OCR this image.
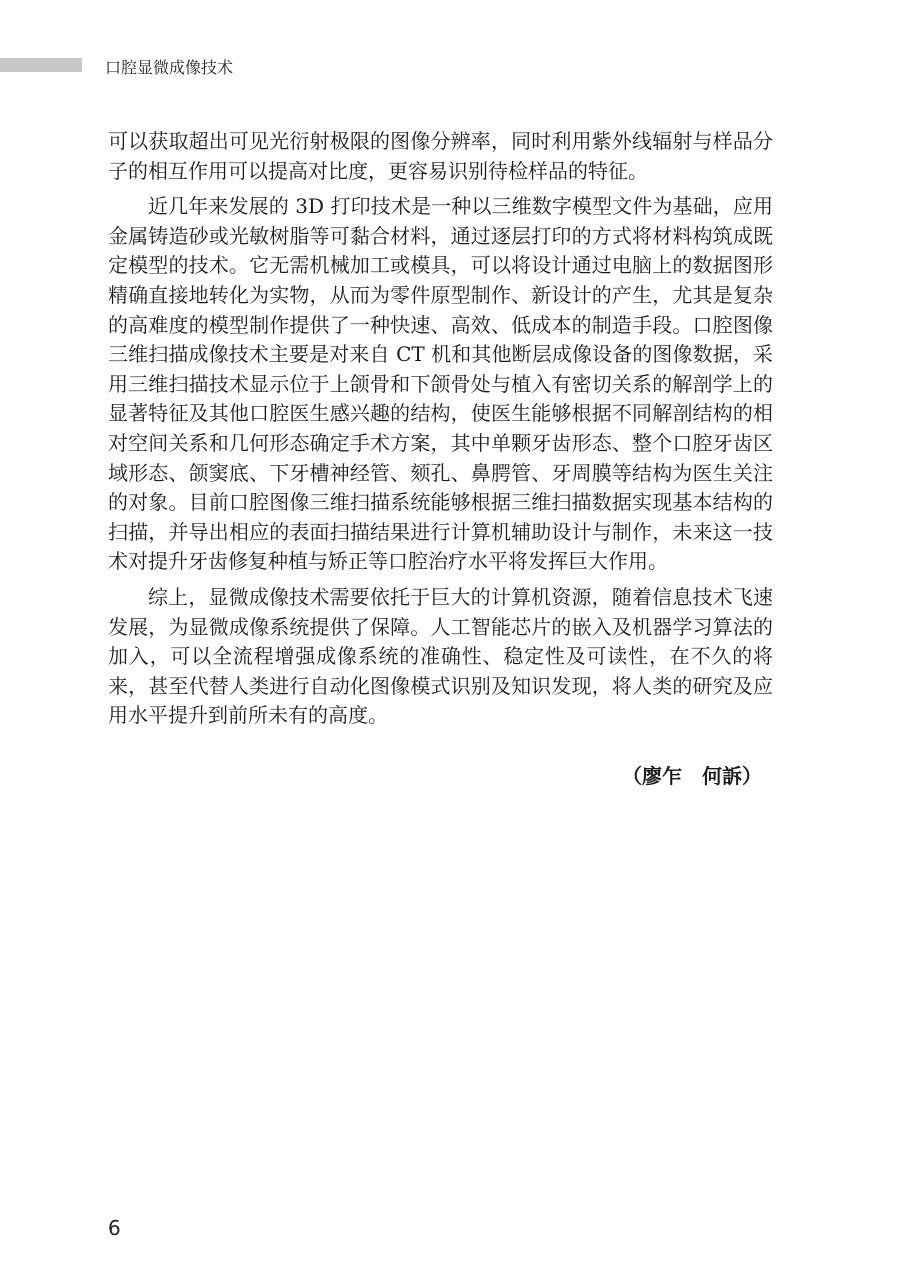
口腔显微成像技术
可以获取超出可见光衍射极限的图像分辨率，同时利用紫外线辐射与样品分
子的相互作用可以提高对比度，更容易识别待检样品的特征。
近几年来发展的 3D 打印技术是一种以三维数字模型文件为基础，应用
金属铸造砂或光敏树脂等可黏合材料，通过逐层打印的方式将材料构筑成既
定模型的技术。它无需机械加工或模具，可以将设计通过电脑上的数据图形
精确直接地转化为实物，从而为零件原型制作、新设计的产生，尤其是复杂
的高难度的模型制作提供了一种快速、高效、低成本的制造手段。口腔图像
三维扫描成像技术主要是对来自 CT 机和其他断层成像设备的图像数据，采
用三维扫描技术显示位于上颌骨和下颌骨处与植入有密切关系的解剖学上的
显著特征及其他口腔医生感兴趣的结构，使医生能够根据不同解剖结构的相
对空间关系和几何形态确定手术方案，其中单颗牙齿形态、整个口腔牙齿区
域形态、颌窦底、下牙槽神经管、颏孔、鼻腭管、牙周膜等结构为医生关注
的对象。目前口腔图像三维扫描系统能够根据三维扫描数据实现基本结构的
扫描，并导出相应的表面扫描结果进行计算机辅助设计与制作，未来这一技
术对提升牙齿修复种植与矫正等口腔治疗水平将发挥巨大作用。
综上，显微成像技术需要依托于巨大的计算机资源，随着信息技术飞速
发展，为显微成像系统提供了保障。人工智能芯片的嵌入及机器学习算法的
加入，可以全流程增强成像系统的准确性、稳定性及可读性，在不久的将
来，甚至代替人类进行自动化图像模式识别及知识发现，将人类的研究及应
用水平提升到前所未有的高度。
（廖乍　何訴）
6
